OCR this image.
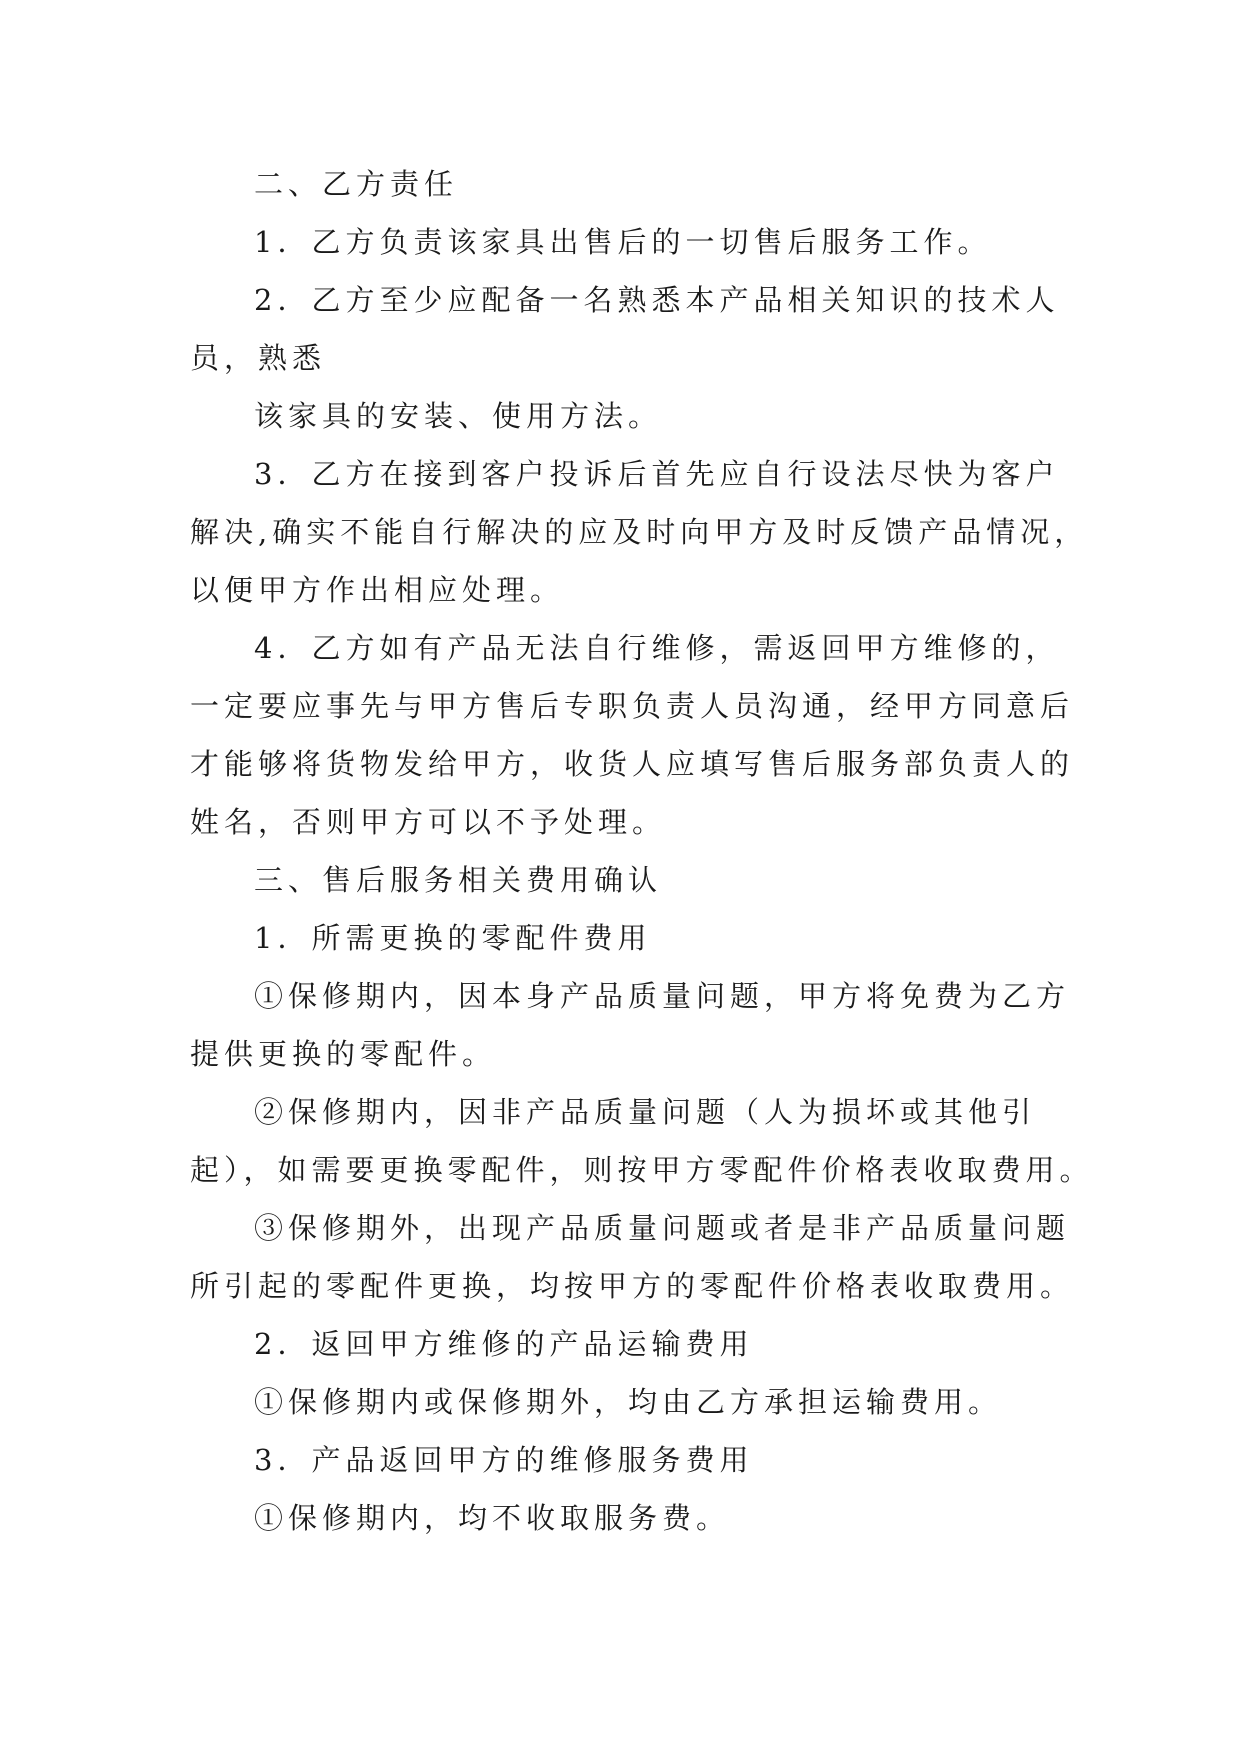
二、乙方责任

1．乙方负责该家具出售后的一切售后服务工作。

2．乙方至少应配备一名熟悉本产品相关知识的技术人

员，熟悉

该家具的安装、使用方法。

3．乙方在接到客户投诉后首先应自行设法尽快为客户

解决,确实不能自行解决的应及时向甲方及时反馈产品情况，

以便甲方作出相应处理。

4．乙方如有产品无法自行维修，需返回甲方维修的，

一定要应事先与甲方售后专职负责人员沟通，经甲方同意后

才能够将货物发给甲方，收货人应填写售后服务部负责人的

姓名，否则甲方可以不予处理。

三、售后服务相关费用确认

1．所需更换的零配件费用

①保修期内，因本身产品质量问题，甲方将免费为乙方

提供更换的零配件。

②保修期内，因非产品质量问题（人为损坏或其他引

起），如需要更换零配件，则按甲方零配件价格表收取费用。

③保修期外，出现产品质量问题或者是非产品质量问题

所引起的零配件更换，均按甲方的零配件价格表收取费用。

2．返回甲方维修的产品运输费用

①保修期内或保修期外，均由乙方承担运输费用。

3．产品返回甲方的维修服务费用

①保修期内，均不收取服务费。
